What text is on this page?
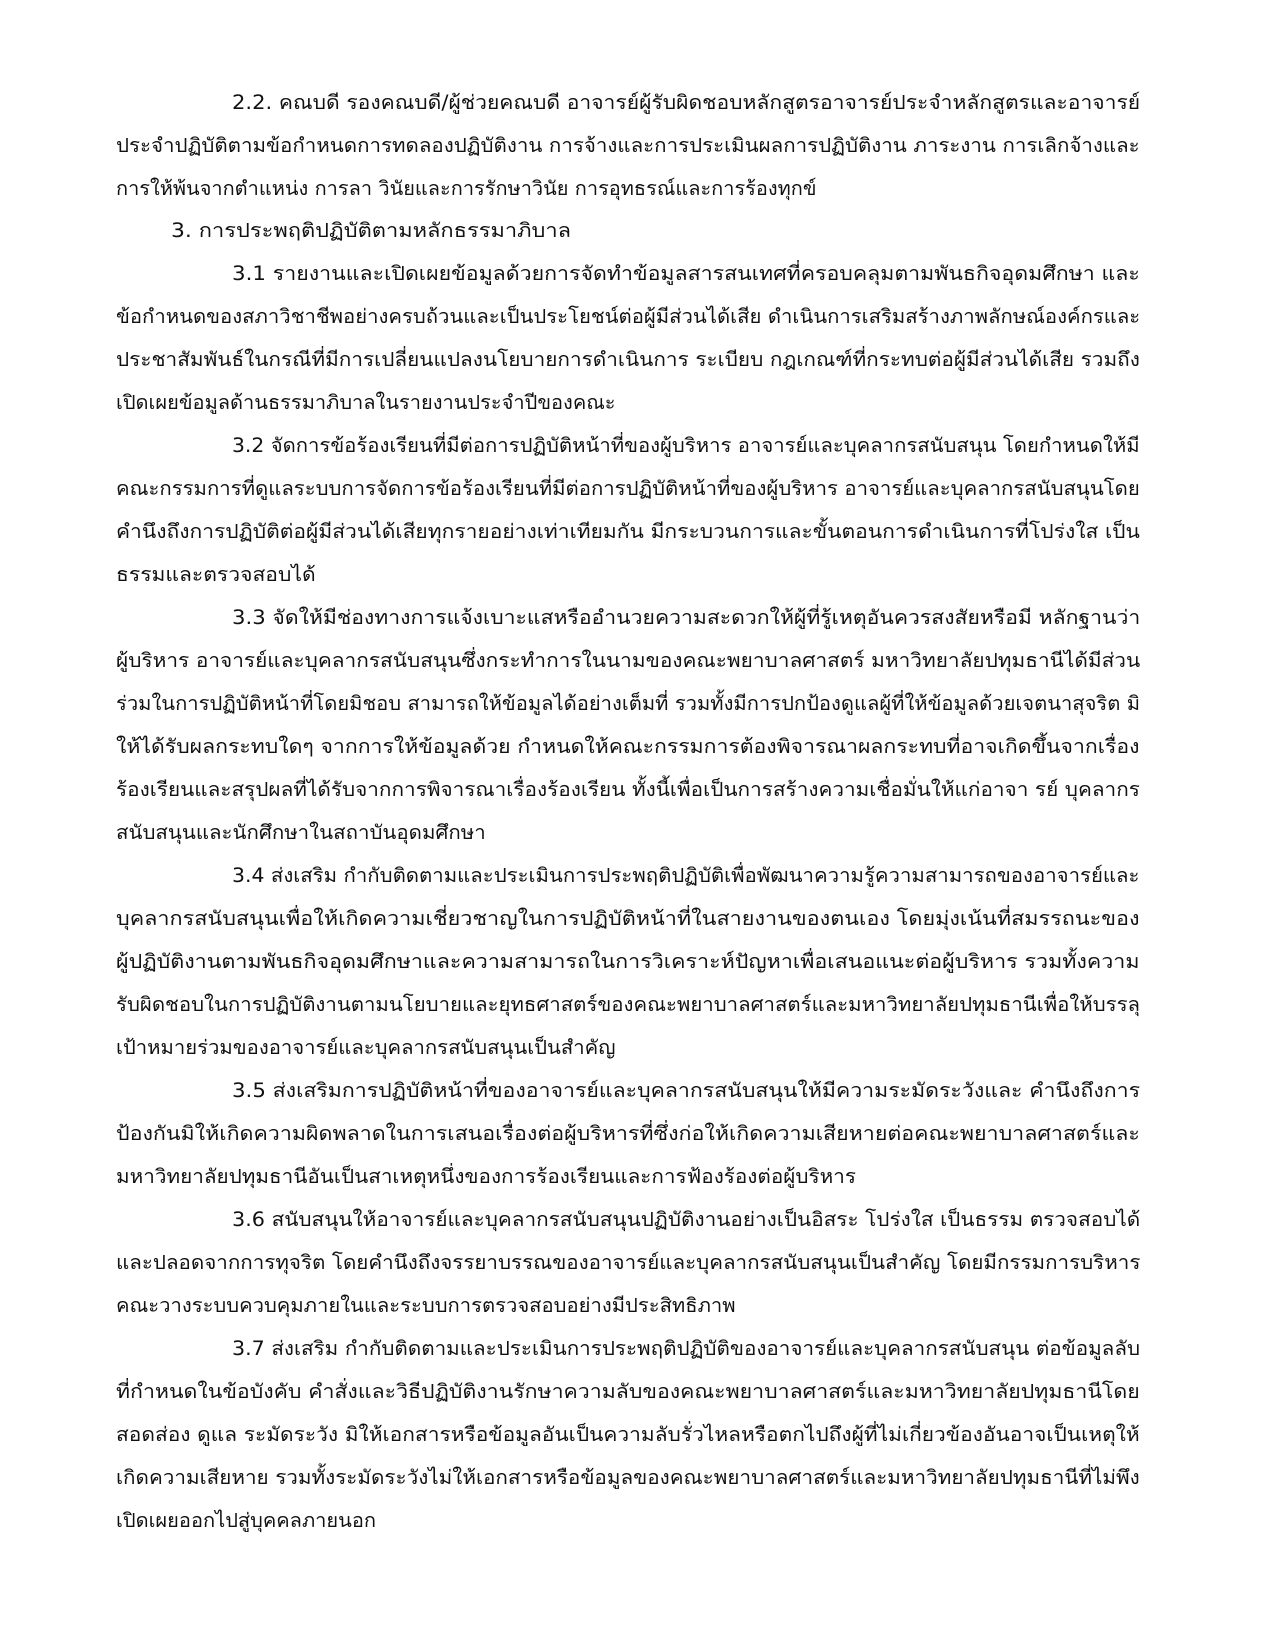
2.2. คณบดี รองคณบดี/ผู้ช่วยคณบดี อาจารย์ผู้รับผิดชอบหลักสูตรอาจารย์ประจำหลักสูตรและอาจารย์

ประจำปฏิบัติตามข้อกำหนดการทดลองปฏิบัติงาน การจ้างและการประเมินผลการปฏิบัติงาน ภาระงาน การเลิกจ้างและ

การให้พ้นจากตำแหน่ง การลา วินัยและการรักษาวินัย การอุทธรณ์และการร้องทุกข์

3. การประพฤติปฏิบัติตามหลักธรรมาภิบาล

3.1 รายงานและเปิดเผยข้อมูลด้วยการจัดทำข้อมูลสารสนเทศที่ครอบคลุมตามพันธกิจอุดมศึกษา และ

ข้อกำหนดของสภาวิชาชีพอย่างครบถ้วนและเป็นประโยชน์ต่อผู้มีส่วนได้เสีย ดำเนินการเสริมสร้างภาพลักษณ์องค์กรและ

ประชาสัมพันธ์ในกรณีที่มีการเปลี่ยนแปลงนโยบายการดำเนินการ ระเบียบ กฎเกณฑ์ที่กระทบต่อผู้มีส่วนได้เสีย รวมถึง

เปิดเผยข้อมูลด้านธรรมาภิบาลในรายงานประจำปีของคณะ

3.2 จัดการข้อร้องเรียนที่มีต่อการปฏิบัติหน้าที่ของผู้บริหาร อาจารย์และบุคลากรสนับสนุน โดยกำหนดให้มี

คณะกรรมการที่ดูแลระบบการจัดการข้อร้องเรียนที่มีต่อการปฏิบัติหน้าที่ของผู้บริหาร อาจารย์และบุคลากรสนับสนุนโดย

คำนึงถึงการปฏิบัติต่อผู้มีส่วนได้เสียทุกรายอย่างเท่าเทียมกัน มีกระบวนการและขั้นตอนการดำเนินการที่โปร่งใส เป็น

ธรรมและตรวจสอบได้

3.3 จัดให้มีช่องทางการแจ้งเบาะแสหรืออำนวยความสะดวกให้ผู้ที่รู้เหตุอันควรสงสัยหรือมี หลักฐานว่า

ผู้บริหาร อาจารย์และบุคลากรสนับสนุนซึ่งกระทำการในนามของคณะพยาบาลศาสตร์ มหาวิทยาลัยปทุมธานีได้มีส่วน

ร่วมในการปฏิบัติหน้าที่โดยมิชอบ สามารถให้ข้อมูลได้อย่างเต็มที่ รวมทั้งมีการปกป้องดูแลผู้ที่ให้ข้อมูลด้วยเจตนาสุจริต มิ

ให้ได้รับผลกระทบใดๆ จากการให้ข้อมูลด้วย กำหนดให้คณะกรรมการต้องพิจารณาผลกระทบที่อาจเกิดขึ้นจากเรื่อง

ร้องเรียนและสรุปผลที่ได้รับจากการพิจารณาเรื่องร้องเรียน ทั้งนี้เพื่อเป็นการสร้างความเชื่อมั่นให้แก่อาจา รย์ บุคลากร

สนับสนุนและนักศึกษาในสถาบันอุดมศึกษา

3.4 ส่งเสริม กำกับติดตามและประเมินการประพฤติปฏิบัติเพื่อพัฒนาความรู้ความสามารถของอาจารย์และ

บุคลากรสนับสนุนเพื่อให้เกิดความเชี่ยวชาญในการปฏิบัติหน้าที่ในสายงานของตนเอง โดยมุ่งเน้นที่สมรรถนะของ

ผู้ปฏิบัติงานตามพันธกิจอุดมศึกษาและความสามารถในการวิเคราะห์ปัญหาเพื่อเสนอแนะต่อผู้บริหาร รวมทั้งความ

รับผิดชอบในการปฏิบัติงานตามนโยบายและยุทธศาสตร์ของคณะพยาบาลศาสตร์และมหาวิทยาลัยปทุมธานีเพื่อให้บรรลุ

เป้าหมายร่วมของอาจารย์และบุคลากรสนับสนุนเป็นสำคัญ

3.5 ส่งเสริมการปฏิบัติหน้าที่ของอาจารย์และบุคลากรสนับสนุนให้มีความระมัดระวังและ คำนึงถึงการ

ป้องกันมิให้เกิดความผิดพลาดในการเสนอเรื่องต่อผู้บริหารที่ซึ่งก่อให้เกิดความเสียหายต่อคณะพยาบาลศาสตร์และ

มหาวิทยาลัยปทุมธานีอันเป็นสาเหตุหนึ่งของการร้องเรียนและการฟ้องร้องต่อผู้บริหาร

3.6 สนับสนุนให้อาจารย์และบุคลากรสนับสนุนปฏิบัติงานอย่างเป็นอิสระ โปร่งใส เป็นธรรม ตรวจสอบได้

และปลอดจากการทุจริต โดยคำนึงถึงจรรยาบรรณของอาจารย์และบุคลากรสนับสนุนเป็นสำคัญ โดยมีกรรมการบริหาร

คณะวางระบบควบคุมภายในและระบบการตรวจสอบอย่างมีประสิทธิภาพ

3.7 ส่งเสริม กำกับติดตามและประเมินการประพฤติปฏิบัติของอาจารย์และบุคลากรสนับสนุน ต่อข้อมูลลับ

ที่กำหนดในข้อบังคับ คำสั่งและวิธีปฏิบัติงานรักษาความลับของคณะพยาบาลศาสตร์และมหาวิทยาลัยปทุมธานีโดย

สอดส่อง ดูแล ระมัดระวัง มิให้เอกสารหรือข้อมูลอันเป็นความลับรั่วไหลหรือตกไปถึงผู้ที่ไม่เกี่ยวข้องอันอาจเป็นเหตุให้

เกิดความเสียหาย รวมทั้งระมัดระวังไม่ให้เอกสารหรือข้อมูลของคณะพยาบาลศาสตร์และมหาวิทยาลัยปทุมธานีที่ไม่พึง

เปิดเผยออกไปสู่บุคคลภายนอก
